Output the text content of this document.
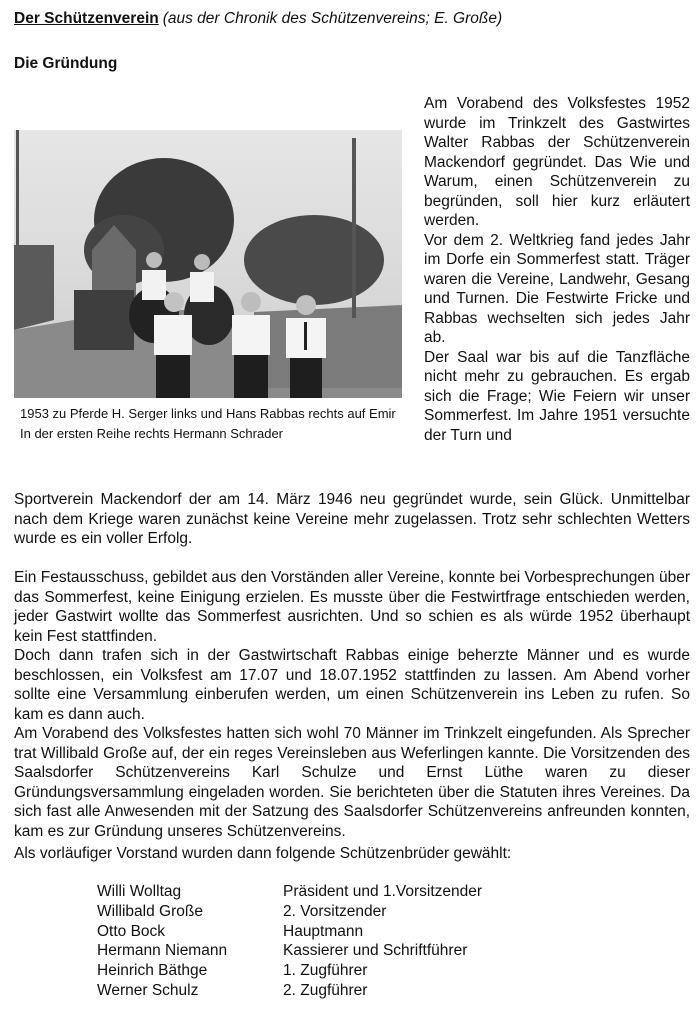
Der Schützenverein (aus der Chronik des Schützenvereins; E. Große)
Die Gründung
1953 zu Pferde H. Serger links und Hans Rabbas rechts auf Emir In der ersten Reihe rechts Hermann Schrader

Am Vorabend des Volksfestes 1952 wurde im Trinkzelt des Gastwirtes Walter Rabbas der Schützenverein Mackendorf gegründet. Das Wie und Warum, einen Schützenverein zu begründen, soll hier kurz erläutert werden.

Vor dem 2. Weltkrieg fand jedes Jahr im Dorfe ein Sommerfest statt. Träger waren die Vereine, Landwehr, Gesang und Turnen. Die Festwirte Fricke und Rabbas wechselten sich jedes Jahr ab.

Der Saal war bis auf die Tanzfläche nicht mehr zu gebrauchen. Es ergab sich die Frage; Wie Feiern wir unser Sommerfest. Im Jahre 1951 versuchte der Turn und

Sportverein Mackendorf der am 14. März 1946 neu gegründet wurde, sein Glück. Unmittelbar nach dem Kriege waren zunächst keine Vereine mehr zugelassen. Trotz sehr schlechten Wetters wurde es ein voller Erfolg.

Ein Festausschuss, gebildet aus den Vorständen aller Vereine, konnte bei Vorbesprechungen über das Sommerfest, keine Einigung erzielen. Es musste über die Festwirtfrage entschieden werden, jeder Gastwirt wollte das Sommerfest ausrichten. Und so schien es als würde 1952 überhaupt kein Fest stattfinden.

Doch dann trafen sich in der Gastwirtschaft Rabbas einige beherzte Männer und es wurde beschlossen, ein Volksfest am 17.07 und 18.07.1952 stattfinden zu lassen. Am Abend vorher sollte eine Versammlung einberufen werden, um einen Schützenverein ins Leben zu rufen. So kam es dann auch.

Am Vorabend des Volksfestes hatten sich wohl 70 Männer im Trinkzelt eingefunden. Als Sprecher trat Willibald Große auf, der ein reges Vereinsleben aus Weferlingen kannte. Die Vorsitzenden des Saalsdorfer Schützenvereins Karl Schulze und Ernst Lüthe waren zu dieser Gründungsversammlung eingeladen worden. Sie berichteten über die Statuten ihres Vereines. Da sich fast alle Anwesenden mit der Satzung des Saalsdorfer Schützenvereins anfreunden konnten, kam es zur Gründung unseres Schützenvereins.

Als vorläufiger Vorstand wurden dann folgende Schützenbrüder gewählt:
Willi Wolltag	Präsident und 1.Vorsitzender
Willibald Große	2. Vorsitzender
Otto Bock	Hauptmann
Hermann Niemann	Kassierer und Schriftführer
Heinrich Bäthge	1. Zugführer
Werner Schulz	2. Zugführer
